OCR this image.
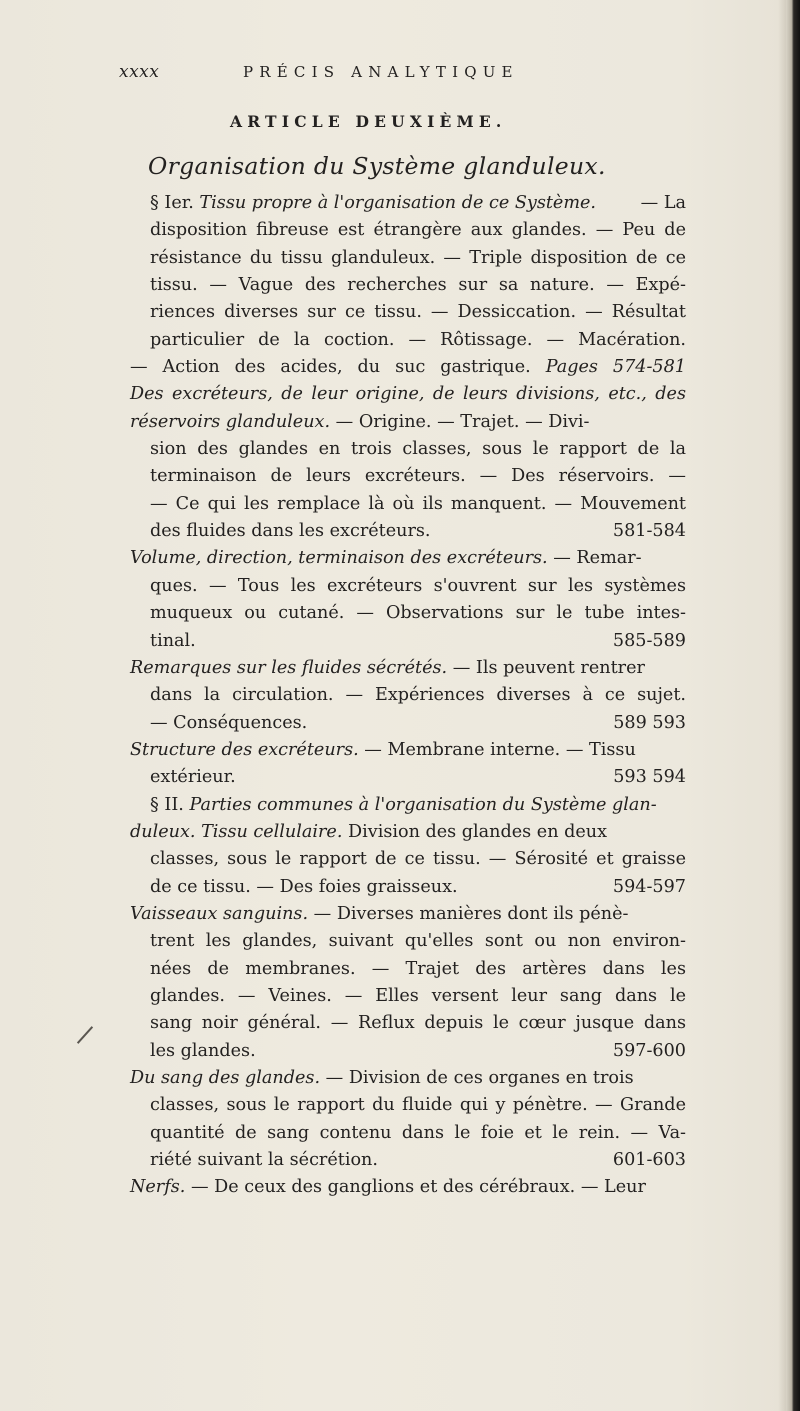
xxxx	PRÉCIS ANALYTIQUE
ARTICLE DEUXIÈME.
Organisation du Système glanduleux.
§ Ier. Tissu propre à l'organisation de ce Système. — La
disposition fibreuse est étrangère aux glandes. — Peu de
résistance du tissu glanduleux. — Triple disposition de ce
tissu. — Vague des recherches sur sa nature. — Expé-
riences diverses sur ce tissu. — Dessiccation. — Résultat
particulier de la coction. — Rôtissage. — Macération.
— Action des acides, du suc gastrique. Pages 574-581
Des excréteurs, de leur origine, de leurs divisions, etc., des
réservoirs glanduleux. — Origine. — Trajet. — Divi-
sion des glandes en trois classes, sous le rapport de la
terminaison de leurs excréteurs. — Des réservoirs. —
— Ce qui les remplace là où ils manquent. — Mouvement
des fluides dans les excréteurs.	581-584
Volume, direction, terminaison des excréteurs. — Remar-
ques. — Tous les excréteurs s'ouvrent sur les systèmes
muqueux ou cutané. — Observations sur le tube intes-
tinal.	585-589
Remarques sur les fluides sécrétés. — Ils peuvent rentrer
dans la circulation. — Expériences diverses à ce sujet.
— Conséquences.	589 593
Structure des excréteurs. — Membrane interne. — Tissu
extérieur.	593 594
§ II. Parties communes à l'organisation du Système glan-
duleux. Tissu cellulaire. Division des glandes en deux
classes, sous le rapport de ce tissu. — Sérosité et graisse
de ce tissu. — Des foies graisseux.	594-597
Vaisseaux sanguins. — Diverses manières dont ils pénè-
trent les glandes, suivant qu'elles sont ou non environ-
nées de membranes. — Trajet des artères dans les
glandes. — Veines. — Elles versent leur sang dans le
sang noir général. — Reflux depuis le cœur jusque dans
les glandes.	597-600
Du sang des glandes. — Division de ces organes en trois
classes, sous le rapport du fluide qui y pénètre. — Grande
quantité de sang contenu dans le foie et le rein. — Va-
riété suivant la sécrétion.	601-603
Nerfs. — De ceux des ganglions et des cérébraux. — Leur
